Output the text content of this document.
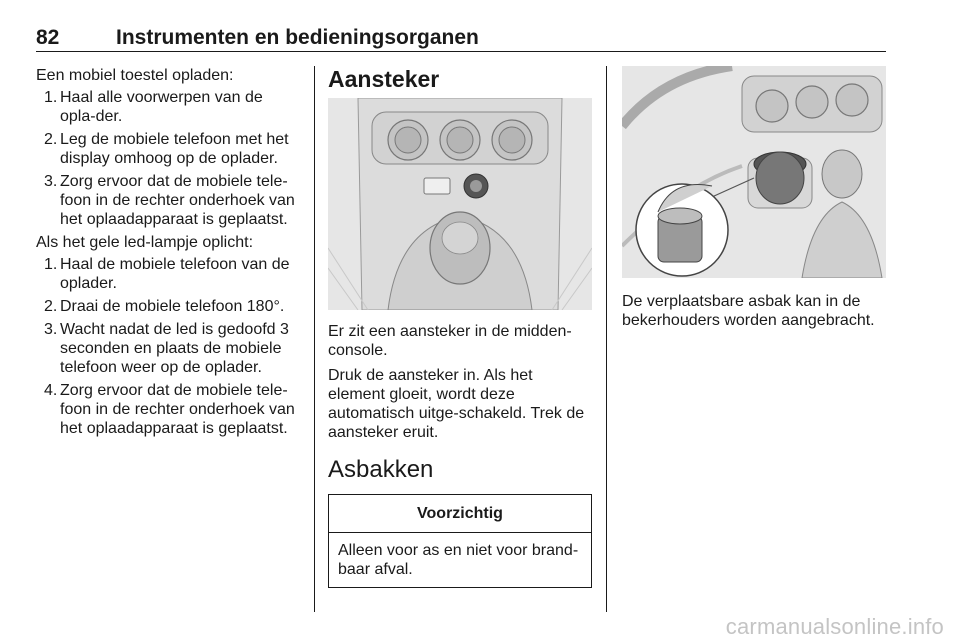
82	Instrumenten en bedieningsorganen
Een mobiel toestel opladen:
1. Haal alle voorwerpen van de opla‐der.
2. Leg de mobiele telefoon met het display omhoog op de oplader.
3. Zorg ervoor dat de mobiele tele‐foon in de rechter onderhoek van het oplaadapparaat is geplaatst.
Als het gele led-lampje oplicht:
1. Haal de mobiele telefoon van de oplader.
2. Draai de mobiele telefoon 180°.
3. Wacht nadat de led is gedoofd 3 seconden en plaats de mobiele telefoon weer op de oplader.
4. Zorg ervoor dat de mobiele tele‐foon in de rechter onderhoek van het oplaadapparaat is geplaatst.
Aansteker

Er zit een aansteker in de midden‐console.

Druk de aansteker in. Als het element gloeit, wordt deze automatisch uitge‐schakeld. Trek de aansteker eruit.

Asbakken
Voorzichtig
Alleen voor as en niet voor brand‐baar afval.

De verplaatsbare asbak kan in de bekerhouders worden aangebracht.

carmanualsonline.info
